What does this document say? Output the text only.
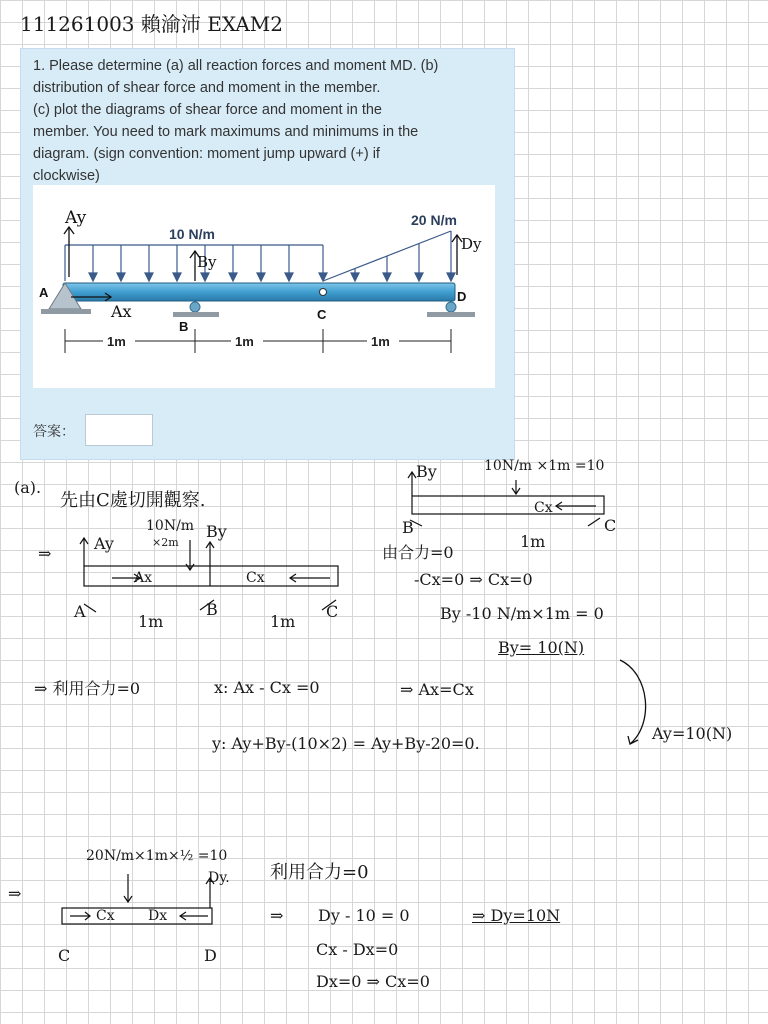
111261003 賴渝沛 EXAM2
1. Please determine (a) all reaction forces and moment MD. (b)
distribution of shear force and moment in the member.
(c) plot the diagrams of shear force and moment in the
member. You need to mark maximums and minimums in the
diagram. (sign convention: moment jump upward (+) if
clockwise)
1m	1m	1m
10 N/m
20 N/m
A
B
C
D
Ay
By
Dy
Ax
答案：
(a).
先由C處切開觀察.
⇒
Ay
10N/m
×2m
By
Ax	Cx
A	B	C
1m	1m
By	10N/m ×1m =10
Cx
B	C
1m
由合力=0
-Cx=0 ⇒ Cx=0
By -10 N/m×1m = 0
By= 10(N)
⇒ 利用合力=0	x: Ax - Cx =0	⇒ Ax=Cx
y: Ay+By-(10×2) = Ay+By-20=0.
Ay=10(N)
20N/m×1m×½ =10
Dy.
Cx Dx
C	D
⇒
利用合力=0
⇒ Dy - 10 = 0	⇒ Dy=10N
Cx - Dx=0
Dx=0 ⇒ Cx=0
